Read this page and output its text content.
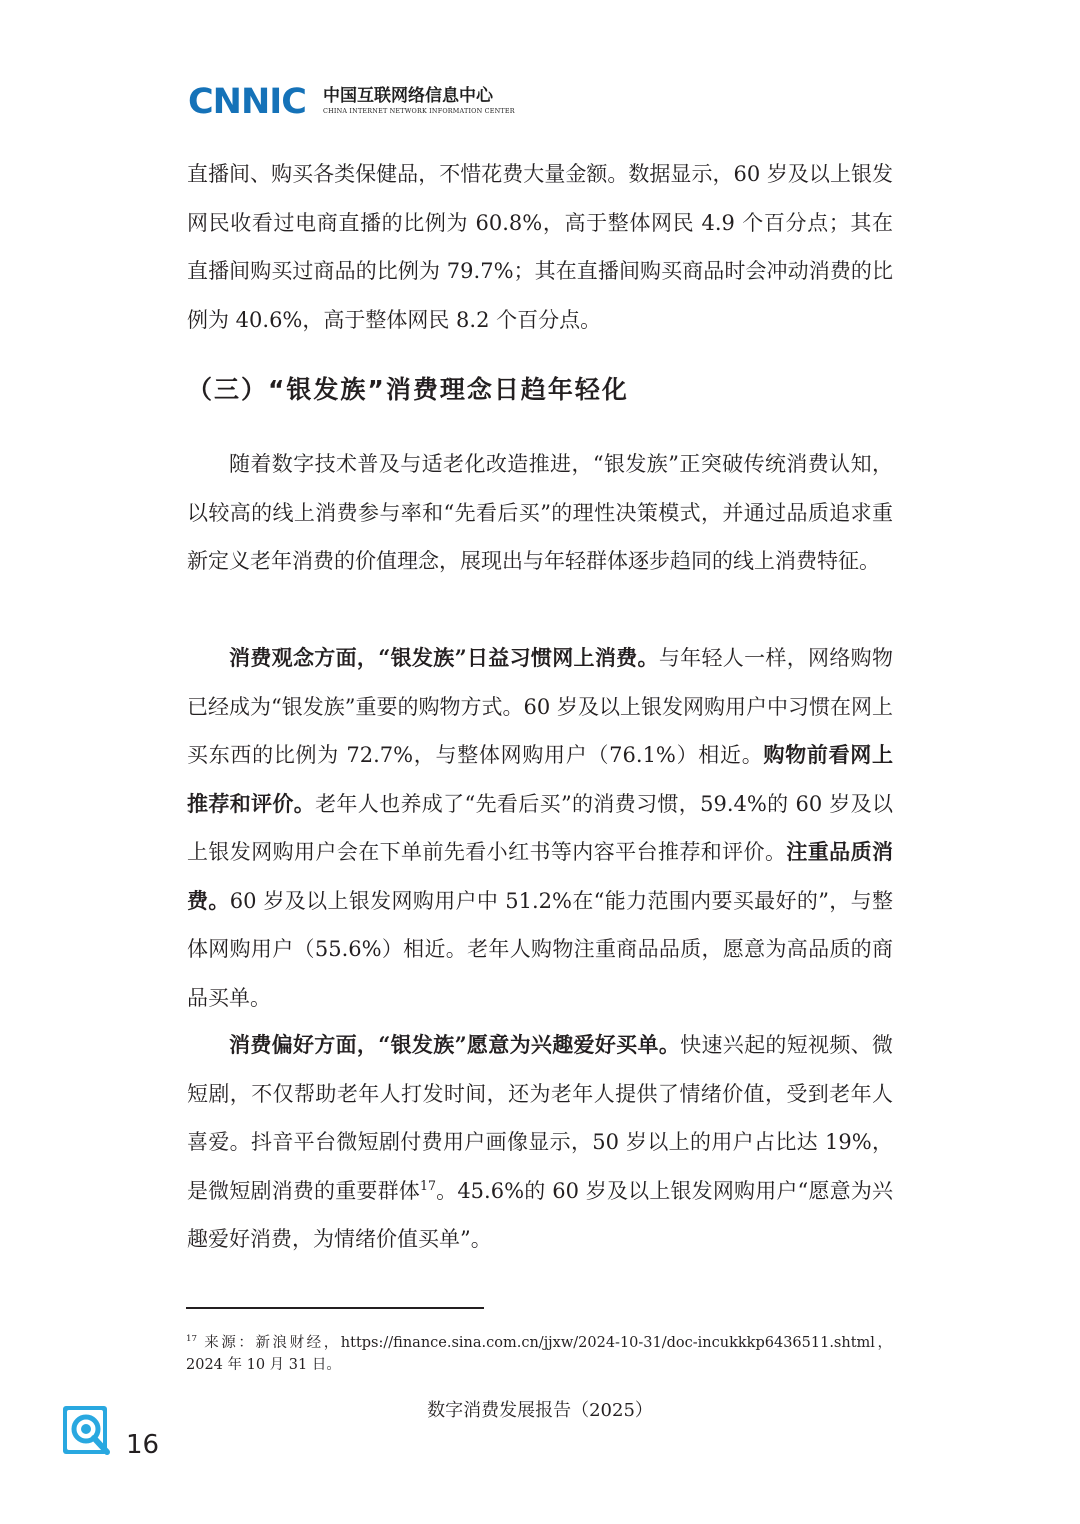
CNNIC 中国互联网络信息中心
CHINA INTERNET NETWORK INFORMATION CENTER

直播间、购买各类保健品，不惜花费大量金额。数据显示，60 岁及以上银发网民收看过电商直播的比例为 60.8%，高于整体网民 4.9 个百分点；其在直播间购买过商品的比例为 79.7%；其在直播间购买商品时会冲动消费的比例为 40.6%，高于整体网民 8.2 个百分点。

（三）“银发族”消费理念日趋年轻化

随着数字技术普及与适老化改造推进，“银发族”正突破传统消费认知，以较高的线上消费参与率和“先看后买”的理性决策模式，并通过品质追求重新定义老年消费的价值理念，展现出与年轻群体逐步趋同的线上消费特征。

消费观念方面，“银发族”日益习惯网上消费。与年轻人一样，网络购物已经成为“银发族”重要的购物方式。60 岁及以上银发网购用户中习惯在网上买东西的比例为 72.7%，与整体网购用户（76.1%）相近。购物前看网上推荐和评价。老年人也养成了“先看后买”的消费习惯，59.4%的 60 岁及以上银发网购用户会在下单前先看小红书等内容平台推荐和评价。注重品质消费。60 岁及以上银发网购用户中 51.2%在“能力范围内要买最好的”，与整体网购用户（55.6%）相近。老年人购物注重商品品质，愿意为高品质的商品买单。

消费偏好方面，“银发族”愿意为兴趣爱好买单。快速兴起的短视频、微短剧，不仅帮助老年人打发时间，还为老年人提供了情绪价值，受到老年人喜爱。抖音平台微短剧付费用户画像显示，50 岁以上的用户占比达 19%，是微短剧消费的重要群体$^{17}$。45.6%的 60 岁及以上银发网购用户“愿意为兴趣爱好消费，为情绪价值买单”。

$^{17}$ 来源：新浪财经，https://finance.sina.com.cn/jjxw/2024-10-31/doc-incukkkp6436511.shtml，2024 年 10 月 31 日。

数字消费发展报告（2025）
16
